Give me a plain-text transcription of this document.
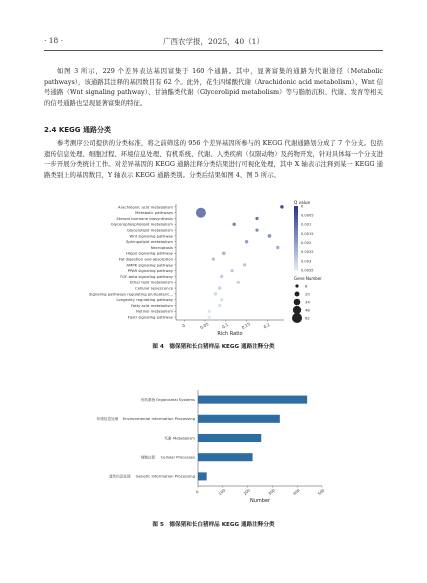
· 18 ·	广西农学报，2025，40（1）
如图 3 所示，229 个差异表达基因富集于 160 个通路。其中，显著富集的通路为代谢途径（Metabolic pathways），该通路其注释的基因数目有 62 个。此外，花生四烯酸代谢（Arachidonic acid metabolism）、Wnt 信号通路（Wnt signaling pathway）、甘油酯类代谢（Glycerolipid metabolism）等与脂肪沉积、代谢、发育等相关的信号通路也呈现显著富集的特征。
2.4 KEGG 通路分类
参考测序公司提供的分类标准，将之前筛选的 956 个差异基因所参与的 KEGG 代谢通路划分成了 7 个分支。包括遗传信息处理、细胞过程、环境信息处理、有机系统、代谢、人类疾病（仅限动物）及药物开发，针对具体每一个分支进一步开展分类统计工作。对差异基因的 KEGG 通路注释分类结果进行可视化处理，其中 X 轴表示注释到某一 KEGG 通路类别上的基因数目，Y 轴表示 KEGG 通路类别。分类后结果如图 4、图 5 所示。
Arachidonic acid metabolism
Metabolic pathways
Steroid hormone biosynthesis
Glycerophospholipid metabolism
Glycerolipid metabolism
Wnt signaling pathway
Sphingolipid metabolism
Necroptosis
Hippo signaling pathway
Fat digestion and absorption
AMPK signaling pathway
PPAR signaling pathway
TGF-beta signaling pathway
Ether lipid metabolism
Cellular senescence
Signaling pathways regulating pluripotenc...
Longevity regulating pathway
Fatty acid metabolism
Retinol metabolism
FoxO signaling pathway
0	0.05	0.1	0.15	0.2
Rich Ratio
Q value
0
0.0005
0.001
0.0015
0.002
0.0025
0.003
0.0035
Gene Number
6
20
34
48
62
图 4　德保猪和长白猪样品 KEGG 通路注释分类
Organismal Systems
有机系统
Environmental Information Processing
环境信息处理
Metabolism
代谢
Cellular Processes
细胞过程
Genetic Information Processing
遗传信息处理
0	100	200	300	400	500
Number
图 5　德保猪和长白猪样品 KEGG 通路注释分类
